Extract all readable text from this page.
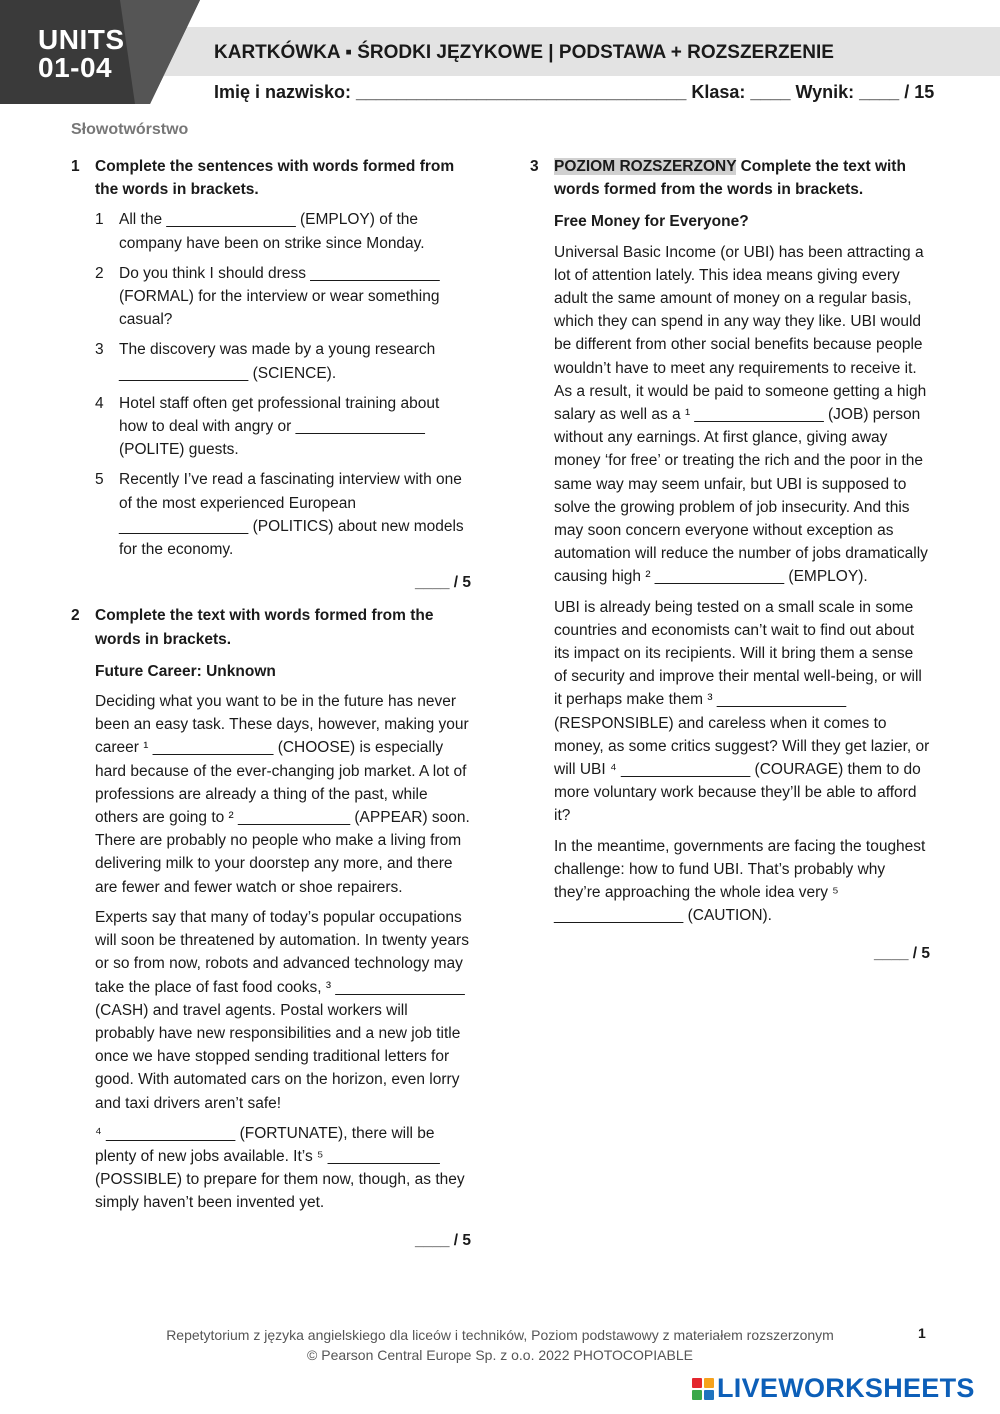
UNITS
01-04	KARTKÓWKA ▪ ŚRODKI JĘZYKOWE | PODSTAWA + ROZSZERZENIE
Imię i nazwisko: _________________________________ Klasa: ____ Wynik: ____ / 15
Słowotwórstwo
1 Complete the sentences with words formed from the words in brackets.
1 All the _______________ (EMPLOY) of the company have been on strike since Monday.
2 Do you think I should dress _______________ (FORMAL) for the interview or wear something casual?
3 The discovery was made by a young research _______________ (SCIENCE).
4 Hotel staff often get professional training about how to deal with angry or _______________ (POLITE) guests.
5 Recently I’ve read a fascinating interview with one of the most experienced European _______________ (POLITICS) about new models for the economy.
____ / 5
2 Complete the text with words formed from the words in brackets.
Future Career: Unknown

Deciding what you want to be in the future has never been an easy task. These days, however, making your career ¹ ______________ (CHOOSE) is especially hard because of the ever-changing job market. A lot of professions are already a thing of the past, while others are going to ² _____________ (APPEAR) soon. There are probably no people who make a living from delivering milk to your doorstep any more, and there are fewer and fewer watch or shoe repairers.

Experts say that many of today’s popular occupations will soon be threatened by automation. In twenty years or so from now, robots and advanced technology may take the place of fast food cooks, ³ _______________ (CASH) and travel agents. Postal workers will probably have new responsibilities and a new job title once we have stopped sending traditional letters for good. With automated cars on the horizon, even lorry and taxi drivers aren’t safe!

⁴ _______________ (FORTUNATE), there will be plenty of new jobs available. It’s ⁵ _____________ (POSSIBLE) to prepare for them now, though, as they simply haven’t been invented yet.

____ / 5
3 POZIOM ROZSZERZONY Complete the text with words formed from the words in brackets.
Free Money for Everyone?

Universal Basic Income (or UBI) has been attracting a lot of attention lately. This idea means giving every adult the same amount of money on a regular basis, which they can spend in any way they like. UBI would be different from other social benefits because people wouldn’t have to meet any requirements to receive it. As a result, it would be paid to someone getting a high salary as well as a ¹ _______________ (JOB) person without any earnings. At first glance, giving away money ‘for free’ or treating the rich and the poor in the same way may seem unfair, but UBI is supposed to solve the growing problem of job insecurity. And this may soon concern everyone without exception as automation will reduce the number of jobs dramatically causing high ² _______________ (EMPLOY).

UBI is already being tested on a small scale in some countries and economists can’t wait to find out about its impact on its recipients. Will it bring them a sense of security and improve their mental well-being, or will it perhaps make them ³ _______________ (RESPONSIBLE) and careless when it comes to money, as some critics suggest? Will they get lazier, or will UBI ⁴ _______________ (COURAGE) them to do more voluntary work because they’ll be able to afford it?

In the meantime, governments are facing the toughest challenge: how to fund UBI. That’s probably why they’re approaching the whole idea very ⁵ _______________ (CAUTION).

____ / 5
Repetytorium z języka angielskiego dla liceów i techników, Poziom podstawowy z materiałem rozszerzonym
© Pearson Central Europe Sp. z o.o. 2022 PHOTOCOPIABLE
1
LIVEWORKSHEETS
